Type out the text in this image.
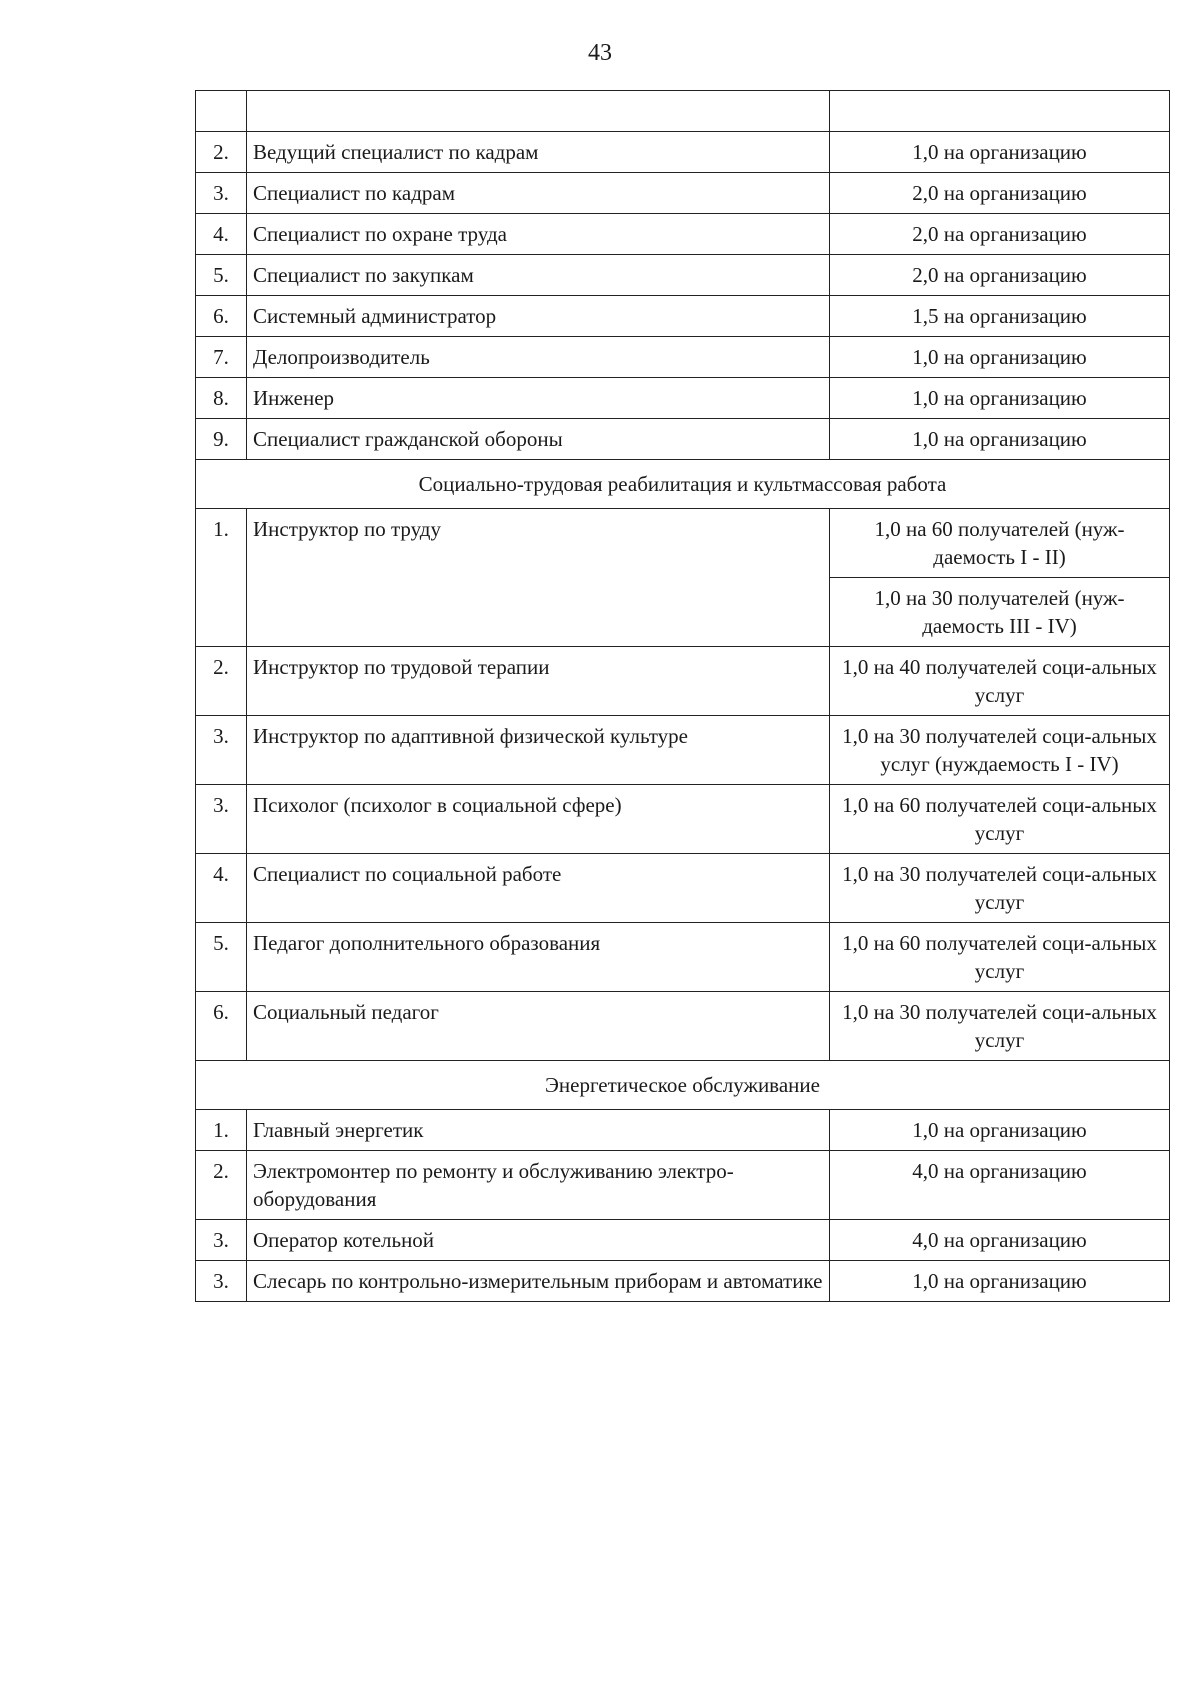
43

2.	Ведущий специалист по кадрам	1,0 на организацию
3.	Специалист по кадрам	2,0 на организацию
4.	Специалист по охране труда	2,0 на организацию
5.	Специалист по закупкам	2,0 на организацию
6.	Системный администратор	1,5 на организацию
7.	Делопроизводитель	1,0 на организацию
8.	Инженер	1,0 на организацию
9.	Специалист гражданской обороны	1,0 на организацию
Социально-трудовая реабилитация и культмассовая работа		
1.	Инструктор по труду	1,0 на 60 получателей (нуж-даемость I - II)
		1,0 на 30 получателей (нуж-даемость III - IV)
2.	Инструктор по трудовой терапии	1,0 на 40 получателей соци-альных услуг
3.	Инструктор по адаптивной физической культуре	1,0 на 30 получателей соци-альных услуг (нуждаемость I - IV)
3.	Психолог (психолог в социальной сфере)	1,0 на 60 получателей соци-альных услуг
4.	Специалист по социальной работе	1,0 на 30 получателей соци-альных услуг
5.	Педагог дополнительного образования	1,0 на 60 получателей соци-альных услуг
6.	Социальный педагог	1,0 на 30 получателей соци-альных услуг
Энергетическое обслуживание		
1.	Главный энергетик	1,0 на организацию
2.	Электромонтер по ремонту и обслуживанию электро-оборудования	4,0 на организацию
3.	Оператор котельной	4,0 на организацию
3.	Слесарь по контрольно-измерительным приборам и автоматике	1,0 на организацию
